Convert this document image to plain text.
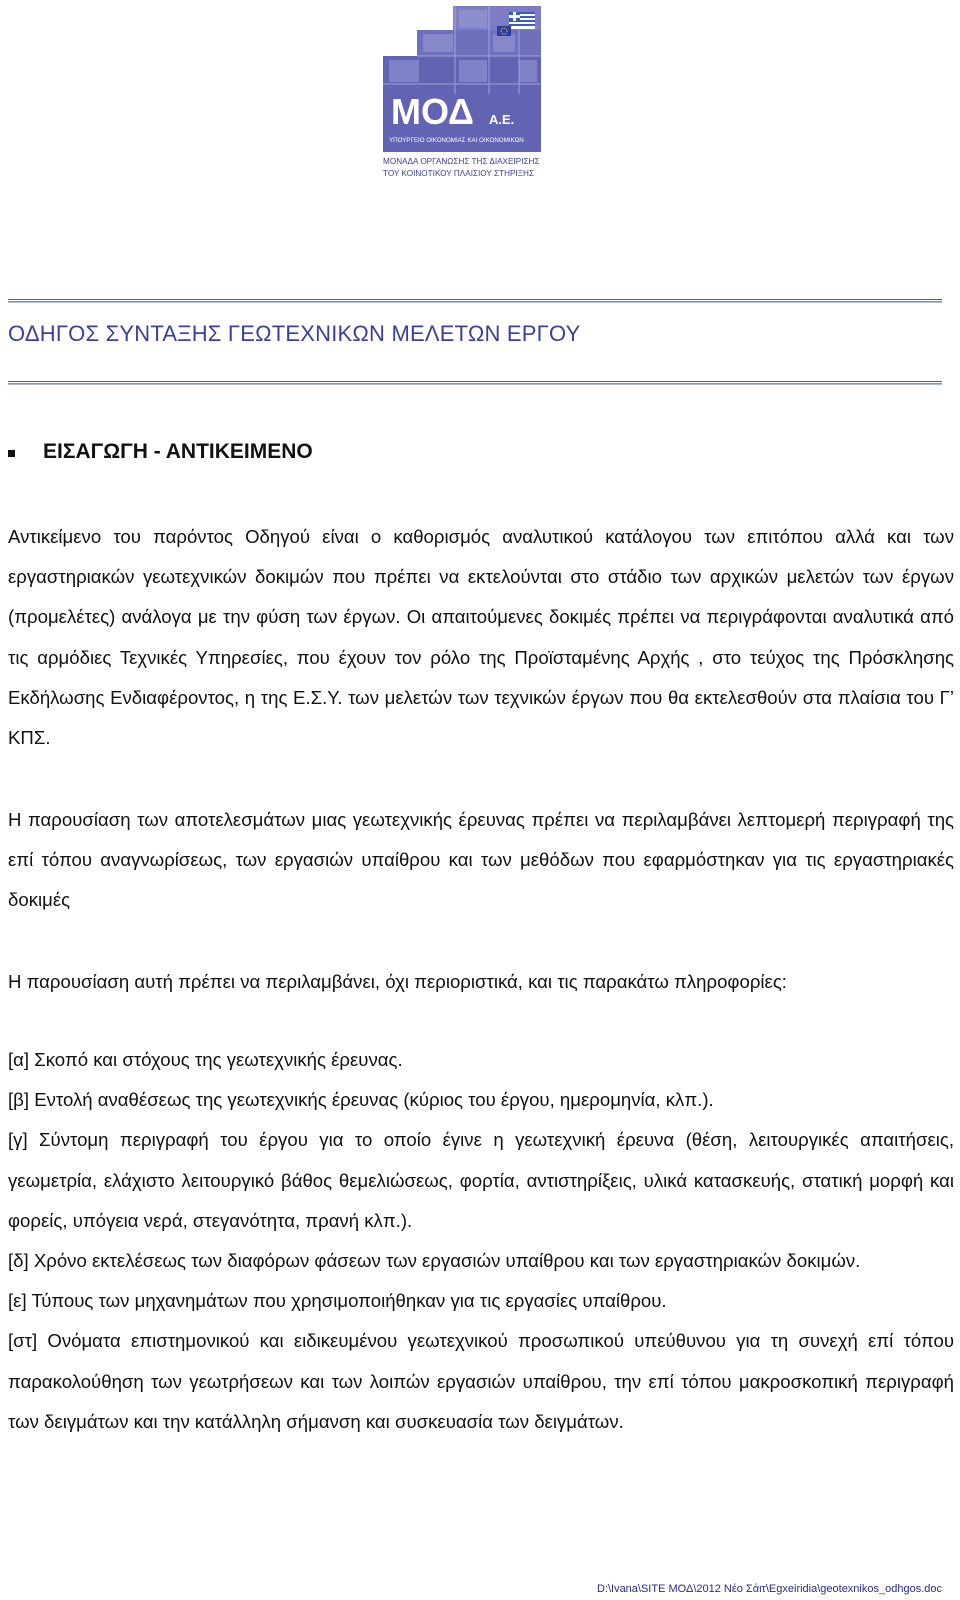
ΜΟΔ Α.Ε.
ΥΠΟΥΡΓΕΙΟ ΟΙΚΟΝΟΜΙΑΣ ΚΑΙ ΟΙΚΟΝΟΜΙΚΩΝ
ΜΟΝΑΔΑ ΟΡΓΑΝΩΣΗΣ ΤΗΣ ΔΙΑΧΕΙΡΙΣΗΣ
ΤΟΥ ΚΟΙΝΟΤΙΚΟΥ ΠΛΑΙΣΙΟΥ ΣΤΗΡΙΞΗΣ
ΟΔΗΓΟΣ ΣΥΝΤΑΞΗΣ ΓΕΩΤΕΧΝΙΚΩΝ ΜΕΛΕΤΩΝ ΕΡΓΟΥ
ΕΙΣΑΓΩΓΗ - ΑΝΤΙΚΕΙΜΕΝΟ

Αντικείμενο του παρόντος Οδηγού είναι ο καθορισμός αναλυτικού κατάλογου των επιτόπου αλλά και των εργαστηριακών γεωτεχνικών δοκιμών που πρέπει να εκτελούνται στο στάδιο των αρχικών μελετών των έργων (προμελέτες) ανάλογα με την φύση των έργων. Οι απαιτούμενες δοκιμές πρέπει να περιγράφονται αναλυτικά από τις αρμόδιες Τεχνικές Υπηρεσίες, που έχουν τον ρόλο της Προϊσταμένης Αρχής , στο τεύχος της Πρόσκλησης Εκδήλωσης Ενδιαφέροντος, η της Ε.Σ.Υ. των μελετών των τεχνικών έργων που θα εκτελεσθούν στα πλαίσια του Γ’ ΚΠΣ.

Η παρουσίαση των αποτελεσμάτων μιας γεωτεχνικής έρευνας πρέπει να περιλαμβάνει λεπτομερή περιγραφή της επί τόπου αναγνωρίσεως, των εργασιών υπαίθρου και των μεθόδων που εφαρμόστηκαν για τις εργαστηριακές δοκιμές

Η παρουσίαση αυτή πρέπει να περιλαμβάνει, όχι περιοριστικά, και τις παρακάτω πληροφορίες:

[α] Σκοπό και στόχους της γεωτεχνικής έρευνας.

[β] Εντολή αναθέσεως της γεωτεχνικής έρευνας (κύριος του έργου, ημερομηνία, κλπ.).

[γ] Σύντομη περιγραφή του έργου για το οποίο έγινε η γεωτεχνική έρευνα (θέση, λειτουργικές απαιτήσεις, γεωμετρία, ελάχιστο λειτουργικό βάθος θεμελιώσεως, φορτία, αντιστηρίξεις, υλικά κατασκευής, στατική μορφή και φορείς, υπόγεια νερά, στεγανότητα, πρανή κλπ.).

[δ] Χρόνο εκτελέσεως των διαφόρων φάσεων των εργασιών υπαίθρου και των εργαστηριακών δοκιμών.

[ε] Τύπους των μηχανημάτων που χρησιμοποιήθηκαν για τις εργασίες υπαίθρου.

[στ] Ονόματα επιστημονικού και ειδικευμένου γεωτεχνικού προσωπικού υπεύθυνου για τη συνεχή επί τόπου παρακολούθηση των γεωτρήσεων και των λοιπών εργασιών υπαίθρου, την επί τόπου μακροσκοπική περιγραφή των δειγμάτων και την κατάλληλη σήμανση και συσκευασία των δειγμάτων.

D:\Ivana\SITE ΜΟΔ\2012 Νέο Σάιτ\Egxeiridia\geotexnikos_odhgos.doc
